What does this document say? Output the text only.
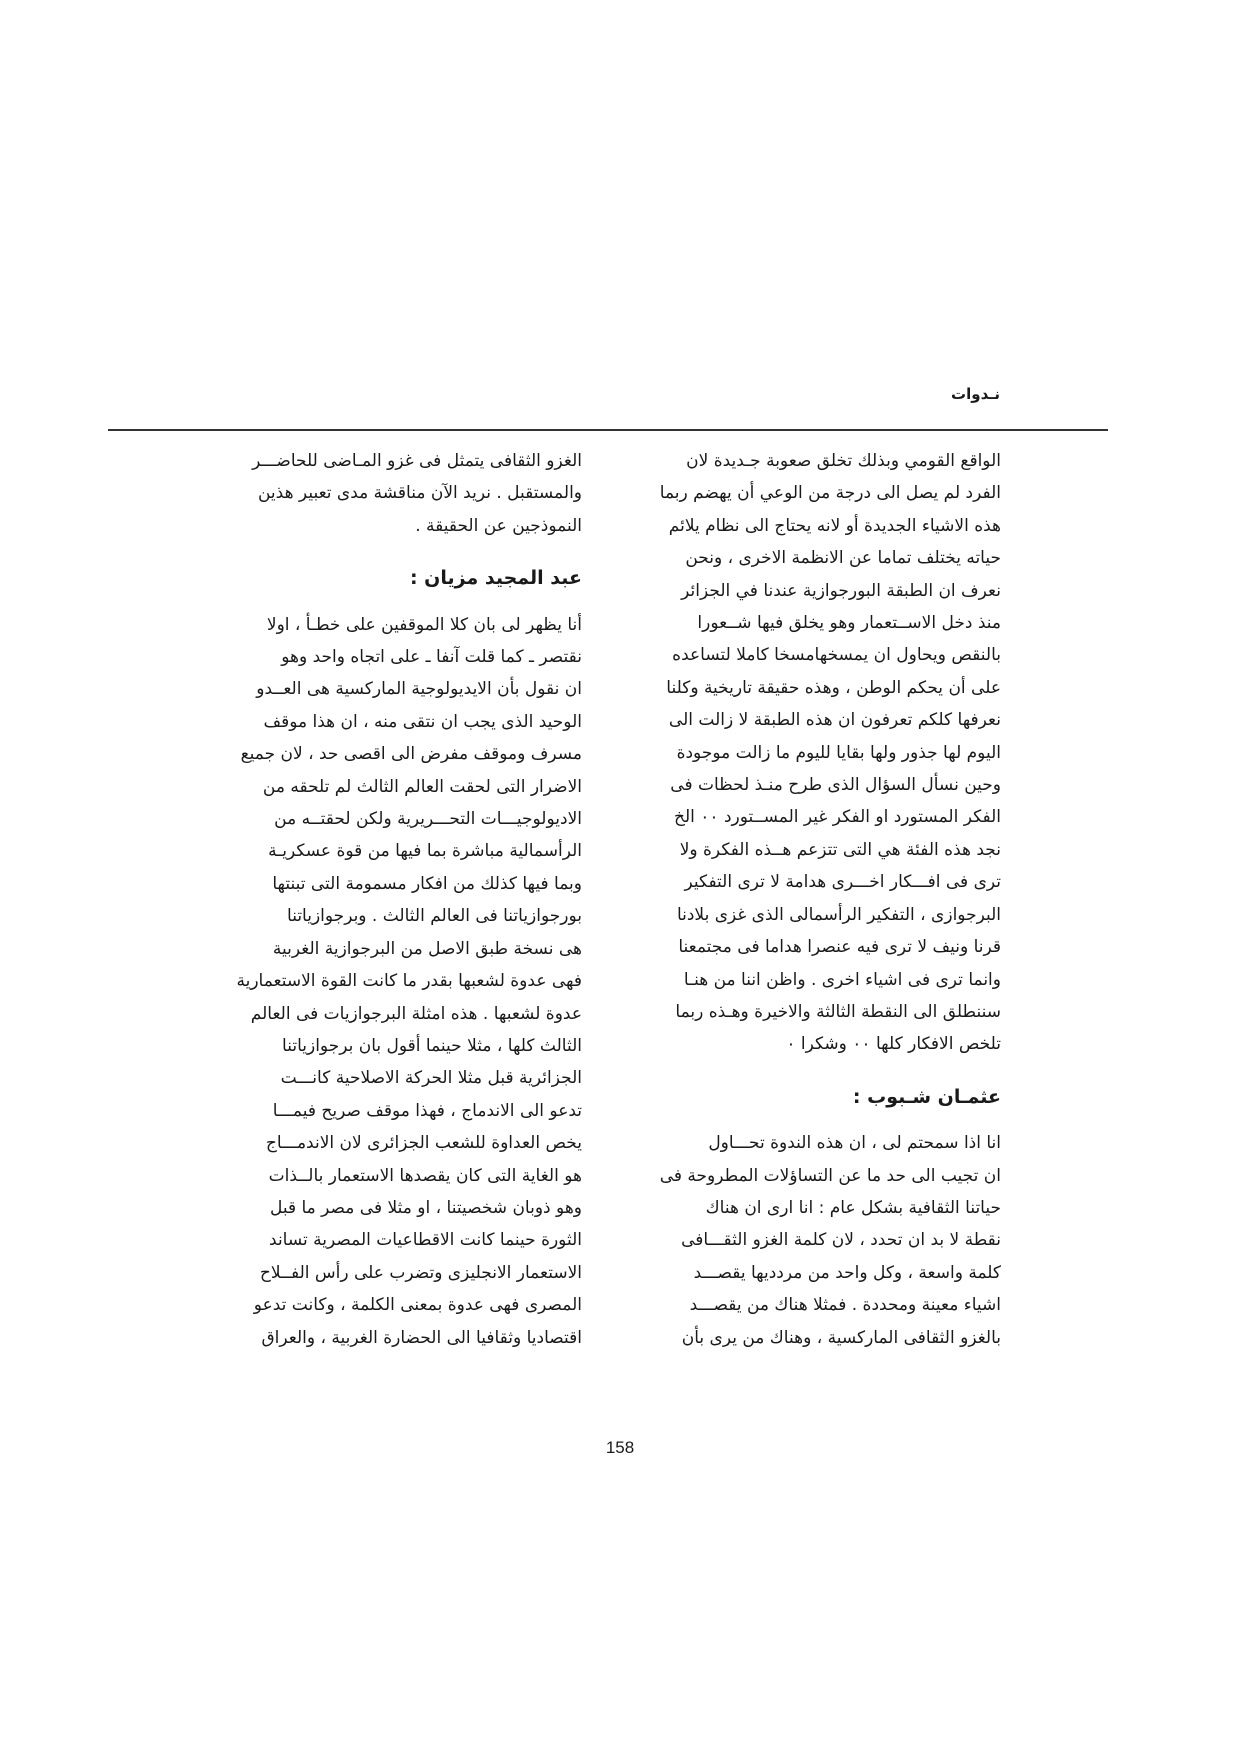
نـدوات

الواقع القومي وبذلك تخلق صعوبة جـديدة لان
الفرد لم يصل الى درجة من الوعي أن يهضم ربما
هذه الاشياء الجديدة أو لانه يحتاج الى نظام يلائم
حياته يختلف تماما عن الانظمة الاخرى ، ونحن
نعرف ان الطبقة البورجوازية عندنا في الجزائر
منذ دخل الاســتعمار وهو يخلق فيها شــعورا
بالنقص ويحاول ان يمسخهامسخا كاملا لتساعده
على أن يحكم الوطن ، وهذه حقيقة تاريخية وكلنا
نعرفها كلكم تعرفون ان هذه الطبقة لا زالت الى
اليوم لها جذور ولها بقايا لليوم ما زالت موجودة
وحين نسأل السؤال الذى طرح منـذ لحظات فى
الفكر المستورد او الفكر غير المســتورد ٠٠ الخ
نجد هذه الفئة هي التى تتزعم هــذه الفكرة ولا
ترى فى افـــكار اخـــرى هدامة لا ترى التفكير
البرجوازى ، التفكير الرأسمالى الذى غزى بلادنا
قرنا ونيف لا ترى فيه عنصرا هداما فى مجتمعنا
وانما ترى فى اشياء اخرى . واظن اننا من هنـا
سننطلق الى النقطة الثالثة والاخيرة وهـذه ربما
تلخص الافكار كلها ٠٠ وشكرا ٠

عثمـان شـبوب :

انا اذا سمحتم لى ، ان هذه الندوة تحـــاول
ان تجيب الى حد ما عن التساؤلات المطروحة فى
حياتنا الثقافية بشكل عام : انا ارى ان هناك
نقطة لا بد ان تحدد ، لان كلمة الغزو الثقـــافى
كلمة واسعة ، وكل واحد من مردديها يقصـــد
اشياء معينة ومحددة . فمثلا هناك من يقصـــد
بالغزو الثقافى الماركسية ، وهناك من يرى بأن

الغزو الثقافى يتمثل فى غزو المـاضى للحاضـــر
والمستقبل . نريد الآن مناقشة مدى تعبير هذين
النموذجين عن الحقيقة .

عبد المجيد مزيان :

أنا يظهر لى بان كلا الموقفين على خطـأ ، اولا
نقتصر ـ كما قلت آنفا ـ على اتجاه واحد وهو
ان نقول بأن الايديولوجية الماركسية هى العــدو
الوحيد الذى يجب ان نتقى منه ، ان هذا موقف
مسرف وموقف مفرض الى اقصى حد ، لان جميع
الاضرار التى لحقت العالم الثالث لم تلحقه من
الاديولوجيـــات التحـــريرية ولكن لحقتــه من
الرأسمالية مباشرة بما فيها من قوة عسكريـة
وبما فيها كذلك من افكار مسمومة التى تبنتها
بورجوازياتنا فى العالم الثالث . وبرجوازياتنا
هى نسخة طبق الاصل من البرجوازية الغربية
فهى عدوة لشعبها بقدر ما كانت القوة الاستعمارية
عدوة لشعبها . هذه امثلة البرجوازيات فى العالم
الثالث كلها ، مثلا حينما أقول بان برجوازياتنا
الجزائرية قبل مثلا الحركة الاصلاحية كانـــت
تدعو الى الاندماج ، فهذا موقف صريح فيمـــا
يخص العداوة للشعب الجزائرى لان الاندمـــاج
هو الغاية التى كان يقصدها الاستعمار بالــذات
وهو ذوبان شخصيتنا ، او مثلا فى مصر ما قبل
الثورة حينما كانت الاقطاعيات المصرية تساند
الاستعمار الانجليزى وتضرب على رأس الفــلاح
المصرى فهى عدوة بمعنى الكلمة ، وكانت تدعو
اقتصاديا وثقافيا الى الحضارة الغربية ، والعراق

158
